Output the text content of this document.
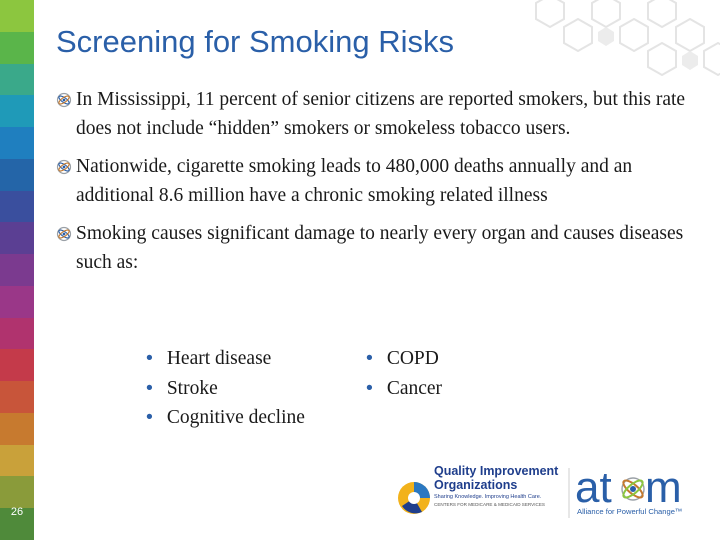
26
Screening for Smoking Risks
In Mississippi, 11 percent of senior citizens are reported smokers, but this rate does not include “hidden” smokers or smokeless tobacco users.
Nationwide, cigarette smoking leads to 480,000 deaths annually and an additional 8.6 million have a chronic smoking related illness
Smoking causes significant damage to nearly every organ and causes diseases such as:
• Heart disease
• Stroke
• Cognitive decline
• COPD
• Cancer
Quality Improvement
Organizations
Sharing Knowledge. Improving Health Care.
CENTERS FOR MEDICARE & MEDICAID SERVICES at m
Alliance for Powerful Change™
